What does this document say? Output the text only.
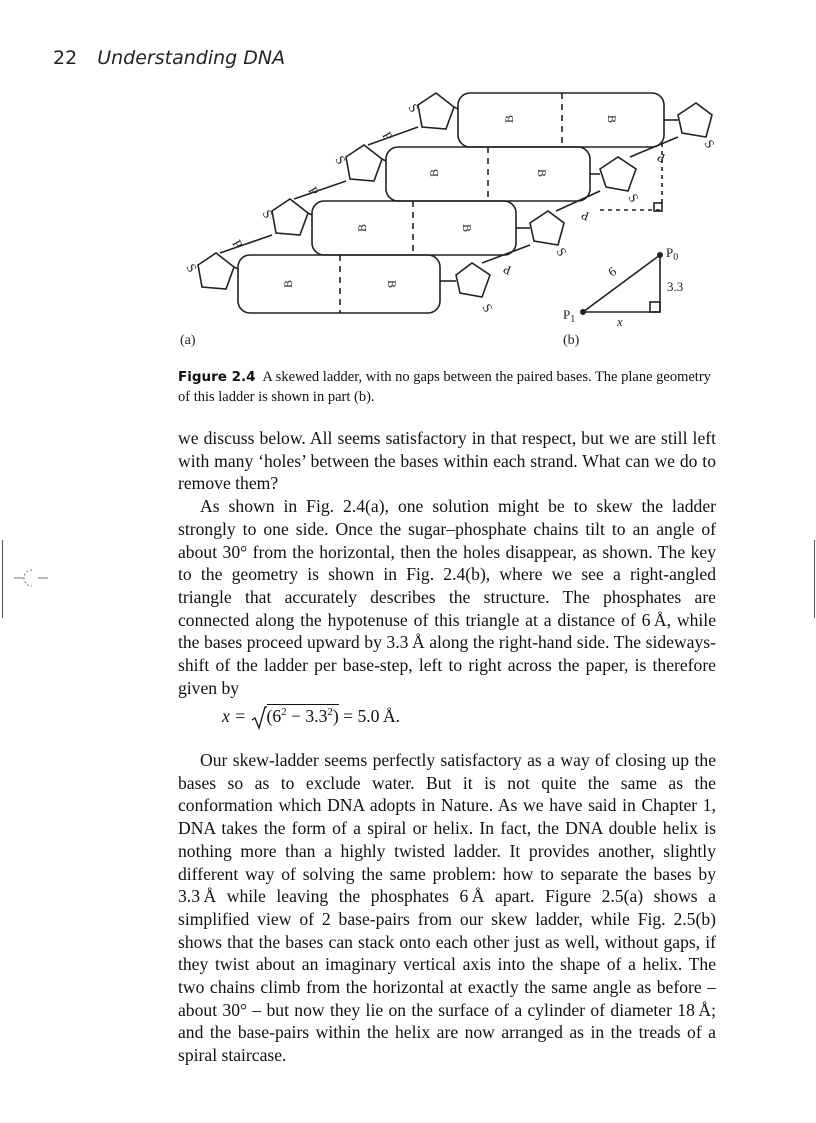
22 Understanding DNA
B	B
B	B
B	B
B	B
S
P
S
P
S
P
S
S
P
S
P
S
P
S
$P_0$
$P_1$
6
3.3
x
(a)	(b)
Figure 2.4 A skewed ladder, with no gaps between the paired bases. The plane geometry of this ladder is shown in part (b).

we discuss below. All seems satisfactory in that respect, but we are still left with many ‘holes’ between the bases within each strand. What can we do to remove them?

As shown in Fig. 2.4(a), one solution might be to skew the ladder strongly to one side. Once the sugar–phosphate chains tilt to an angle of about 30° from the horizontal, then the holes disappear, as shown. The key to the geometry is shown in Fig. 2.4(b), where we see a right-angled triangle that accurately describes the structure. The phosphates are connected along the hypotenuse of this triangle at a distance of 6 Å, while the bases proceed upward by 3.3 Å along the right-hand side. The sideways-shift of the ladder per base-step, left to right across the paper, is therefore given by

$x = (6^2 - 3.3^2) = 5.0$ Å.

Our skew-ladder seems perfectly satisfactory as a way of closing up the bases so as to exclude water. But it is not quite the same as the conformation which DNA adopts in Nature. As we have said in Chapter 1, DNA takes the form of a spiral or helix. In fact, the DNA double helix is nothing more than a highly twisted ladder. It provides another, slightly different way of solving the same problem: how to separate the bases by 3.3 Å while leaving the phosphates 6 Å apart. Figure 2.5(a) shows a simplified view of 2 base-pairs from our skew ladder, while Fig. 2.5(b) shows that the bases can stack onto each other just as well, without gaps, if they twist about an imaginary vertical axis into the shape of a helix. The two chains climb from the horizontal at exactly the same angle as before – about 30° – but now they lie on the surface of a cylinder of diameter 18 Å; and the base-pairs within the helix are now arranged as in the treads of a spiral staircase.
